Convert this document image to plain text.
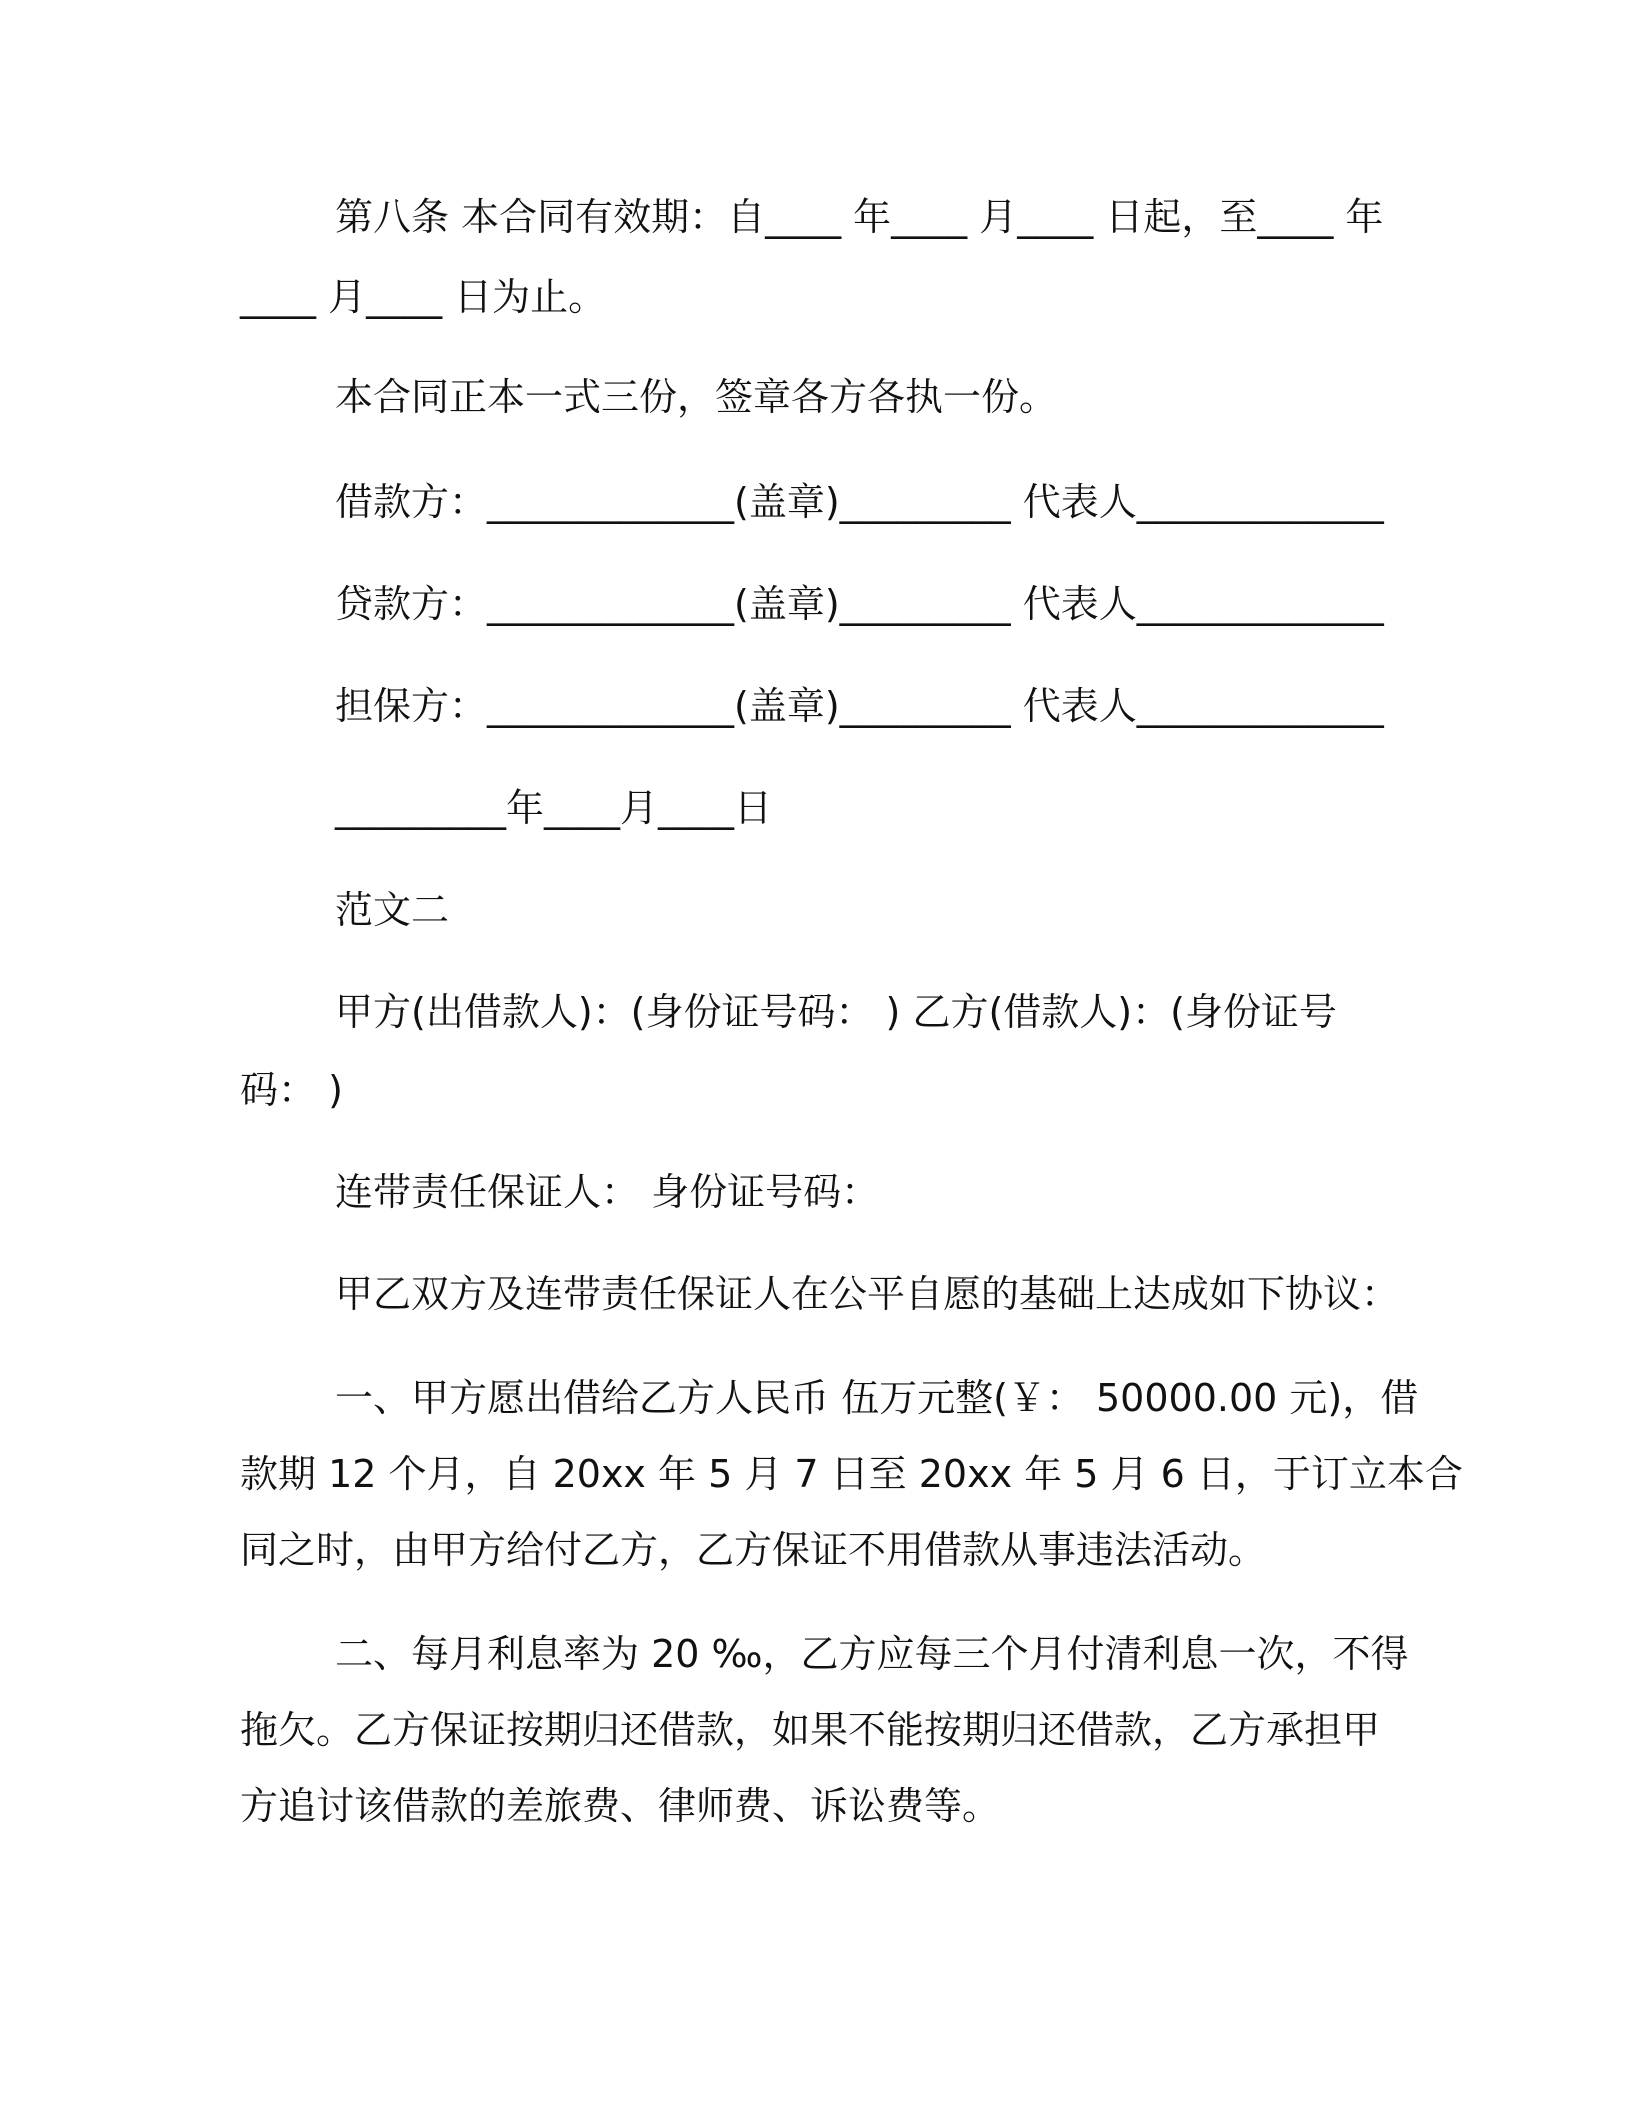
第八条 本合同有效期：自____ 年____ 月____ 日起，至____ 年
____ 月____ 日为止。
本合同正本一式三份，签章各方各执一份。
借款方：_____________(盖章)_________ 代表人_____________
贷款方：_____________(盖章)_________ 代表人_____________
担保方：_____________(盖章)_________ 代表人_____________
_________年____月____日
范文二
甲方(出借款人)：(身份证号码： ) 乙方(借款人)：(身份证号
码： )
连带责任保证人： 身份证号码：
甲乙双方及连带责任保证人在公平自愿的基础上达成如下协议：
一、甲方愿出借给乙方人民币 伍万元整(￥： 50000.00 元)，借
款期 12 个月，自 20xx 年 5 月 7 日至 20xx 年 5 月 6 日，于订立本合
同之时，由甲方给付乙方，乙方保证不用借款从事违法活动。
二、每月利息率为 20 ‰，乙方应每三个月付清利息一次，不得
拖欠。乙方保证按期归还借款，如果不能按期归还借款，乙方承担甲
方追讨该借款的差旅费、律师费、诉讼费等。
